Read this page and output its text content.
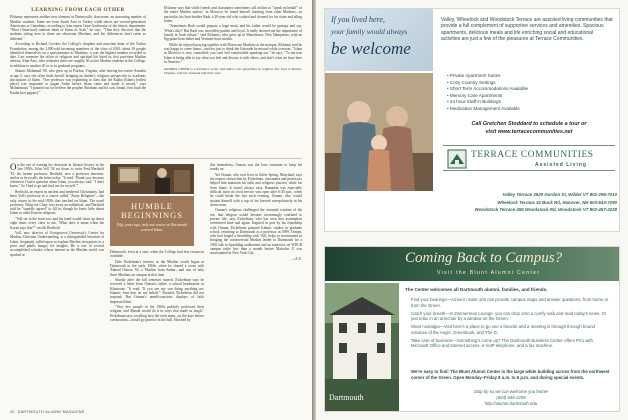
LEARNING FROM EACH OTHER

Elshamy represents another new element in Dartmouth's classroom: an increasing number of Muslim students. Some are from South Asia or Turkey while others are second-generation Americans or Canadians, according to Iran expert Gene Garthwaite of the history department. "Most [American] students think of Islam as Arab," he says. "Then they discover that the students sitting next to them are observant Muslims, and the differences don't seem so different."

According to Richard Crocker, the College's chaplain and associate dean of the Tucker Foundation, among the 1,000-odd incoming members of the class of 2010, about 18 people identified themselves on a questionnaire as Muslims; it was the highest number recorded to date. Last semester the office of religious and spiritual life hired its first part-time Muslim advisor, Irfan Aziz, who reiterates there are roughly 60 active Muslim students at the College, in addition to another 20 or so in graduate programs.

Shamis Mohamad '08, who grew up in Fairfax, Virginia, after leaving her native Somalia at age 5, says she often finds herself bringing an insider's religious perspective to academic discussions of Islam. "One professor was explaining to class that the Kaaba [Islam's holiest place] was important to pagan Arabs before Islam came and made it sacred," says Mohammad. "I pointed out we believe the prophet Abraham and his son, Ismail, first built the Kaaba [not pagans]."

Elshamy says that while friends and classmates sometimes call on him to "speak on behalf" of the entire Muslim nation," in Morocco he found himself learning from other Muslims—in particular, his host-brother Badr, a 20-year-old who cooked and cleaned for his sister and ailing father.

"Sometimes Badr would prepare a huge meal, and his father would be grumpy and say, 'What's this?' But Badr was incredibly patient and loyal. It really showed me the importance of family in Arab culture," said Elshamy, who grew up in Manchester, New Hampshire, with an Egyptian-born father and Vermont-born mother.

While he enjoyed praying together with Moroccan Muslims at the mosque, Elshamy said he was happy to come home—and not just to drink the Gatorade he missed while overseas. "Islam in Morocco is very controlled; you can't feel comfortable speaking out," he says. "To me true Islam is being able to say what you feel and discuss it with others, and that's what we have here in America."

ANDREA USEEM is a freelance writer and editor who specializes in religion. She lives in Reston, Virginia, with her husband and three sons.

HUMBLE BEGINNINGS
Fifty years ago, only one course at Dartmouth covered Islam.

On the eve of earning his doctorate in Islamic history in the late 1950s, John Voll '58 sat down to write Fred Berthold '45, his former professor. Berthold, now a professor emeritus, smiles as he recalls the letter today. "It read, 'Thank you, because whenever I had a question about Islam, you always said, "I don't know." So I had to go and find out for myself.'"

Berthold, an expert in ancient and medieval Christianity, had been Voll's professor in a course called "Asian Religions"—the only course in the mid-1950s that touched on Islam. The usual professor, Wing-tsit Chan, was away on sabbatical, and Berthold said he "stupidly agreed" to fill in, though he knew little about Islam or other Eastern religions.

"Voll sat in the front row and his hand would shoot up about eight times every class to ask, 'What does it mean when the Koran says this?'" recalls Berthold.

Voll, now director of Georgetown University's Center for Muslim–Christian Understanding, is a distinguished historian of Islam, frequently called upon to explain Muslim viewpoints to a press and public hungry for insights. He is one of several accomplished scholars whose interest in the Muslim world was sparked at

Dartmouth, even at a time when the College had few resources available.

Dale Eickelman's interest in the Muslim world began at Dartmouth in the early 1960s, when he shared a room with Ahmad Osman '65, a Muslim from Sudan—and one of only three Muslims on campus at that time.

Shortly after the fall semester started, Eickelman says he received a letter from Osman's father, a school headmaster in Khartoum. "It read, 'If you see my son doing anything un-Islamic, beat him on my behalf.'" Puzzled, Eickelman did not respond. But Osman's unselfconscious displays of faith impressed him.

"Very few people in the 1960s publicly professed their religion, and Ahmad would do it in ways that made us laugh," Eickelman says, recalling how the even team—in the days before coeducation—would go practice in the hall. Shocked by

this immodesty, Osman was the lone swimmer to keep his trunks on.

Yet Osman, who now lives in Silver Spring, Maryland, says the respect shown him by Eickelman, classmates and professors helped him maintain his faith and religious practice while far from home. It wasn't always easy. Ramadan was especially difficult since no food service was open after 6:30 p.m., when he could break the fast each evening. Osman, who would sustain himself with a cup of tea brewed surreptitiously in his dorm room.

Osman's religious challenged the essential wisdom of the era: that religion would become increasingly confined to private life, says Eickelman, who has seen that assumption overturned time and again. Inspired in part by his friendship with Osman, Eickelman pursued Islamic studies in graduate school, returning to Dartmouth as a professor in 1989. Osman, who had forged a friendship with Voll, helps to recommend in bringing the controversial Muslim leader to Dartmouth for a 1965 talk in Spaulding auditorium and an interview on WDCR campus radio less than a month before Malcolm X was assassinated in New York City.

—A.U.
42 DARTMOUTH ALUMNI MAGAZINE
If you lived here,
your family would always
be welcome
Valley, Wheelock and Woodstock Terrace are assisted living communities that provide a full complement of supportive services and amenities. Spacious apartments, delicious meals and life enriching social and educational activities are just a few of the pleasures at Terrace Communities.
• Private Apartment Suites
• Cozy Country Settings
• Short Term Accommodations Available
• Memory Care Apartments
• 24 hour Staff in Buildings
• Medication Management Available
Call Gretchen Stoddard to schedule a tour or
visit www.terracecommunities.net
TERRACE COMMUNITIES
Assisted Living
Valley Terrace 2820 Gordon St, Wilder VT 802-296-7010
Wheelock Terrace 32 Buck Rd, Hanover, NH 603-643-7290
Woodstock Terrace 456 Woodstock Rd, Woodstock VT 802-457-2228
Coming Back to Campus?
Visit the Blunt Alumni Center
Dartmouth
The Center welcomes all Dartmouth alumni, families, and friends.
Find your bearings—Arrive in Suite 103 can provide campus maps and answer questions, from home or from the Green.
Catch your breath—In Zimmerman Lounge, you can drop onto a comfy sofa and read today's news. Or just relax in an armchair by a window on the Green.
Wear nostalgia—Visit here's a place to go see a favorite and a meeting is through through bound volumes of the Aegis, Greenbook, and The D.
Take care of business—Something's come up? The Dartmouth Business Center offers PCs with Microsoft Office and Internet access, a VoIP telephone, and a fax machine.
We're easy to find: The Blunt Alumni Center is the large white building across from the northwest corner of the Green. Open Monday–Friday 8 a.m. to 5 p.m. and during special events.
Stop by so we can welcome you home!
(603) 646-2258
http://alumni.dartmouth.edu
